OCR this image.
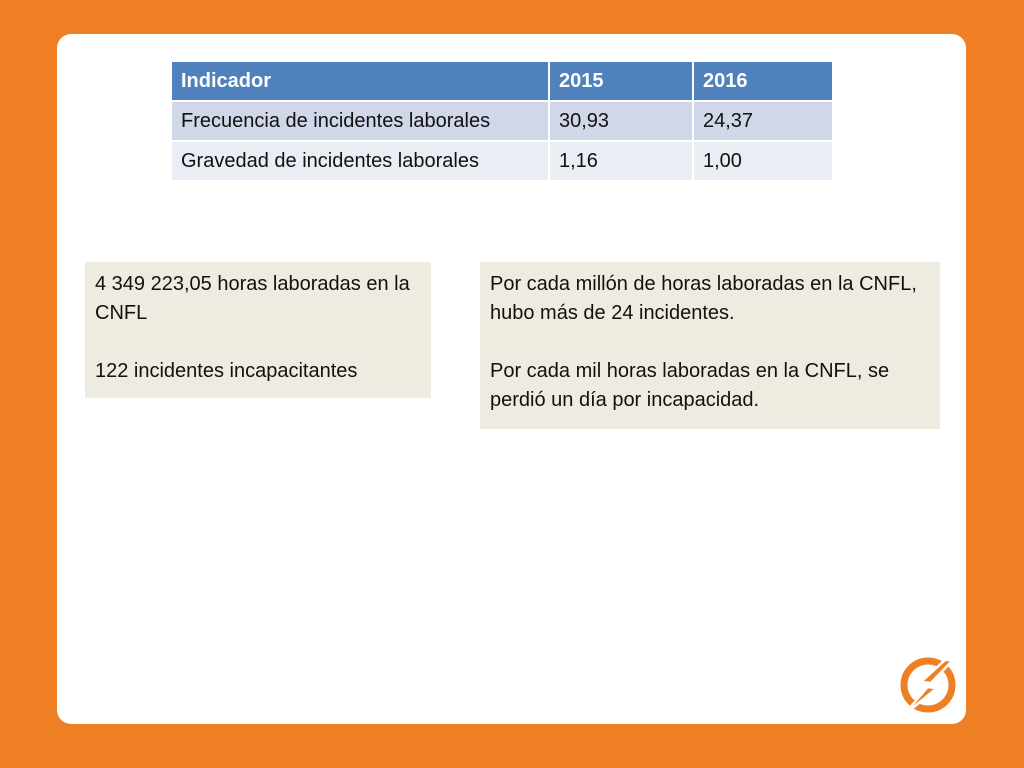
Indicador	2015	2016
Frecuencia de incidentes laborales	30,93	24,37
Gravedad de incidentes laborales	1,16	1,00

4 349 223,05 horas laboradas en la CNFL

122 incidentes incapacitantes

Por cada millón de horas laboradas en la CNFL, hubo más de 24 incidentes.

Por cada mil horas laboradas en la CNFL, se perdió un día por incapacidad.
